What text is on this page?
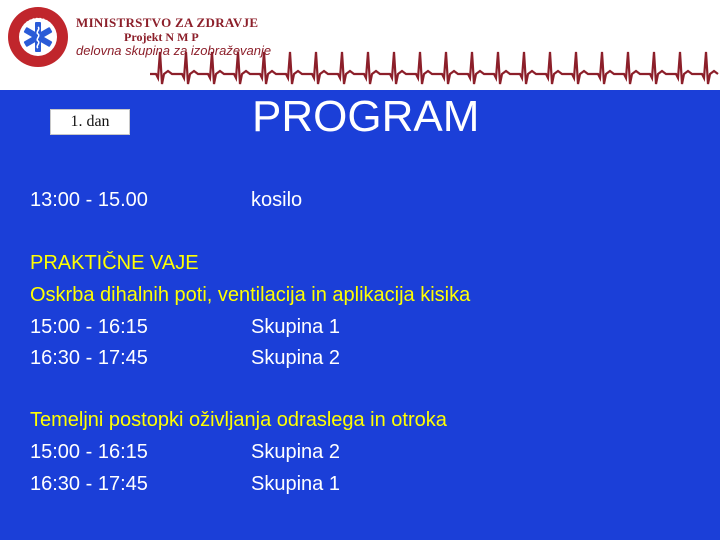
MINISTRSTVO ZA ZDRAVJE

Projekt N M P

delovna skupina za izobraževanje

1. dan	PROGRAM
13:00 - 15.00	kosilo
PRAKTIČNE VAJE
Oskrba dihalnih poti, ventilacija in aplikacija kisika
15:00 - 16:15	Skupina 1
16:30 - 17:45	Skupina 2
Temeljni postopki oživljanja odraslega in otroka
15:00 - 16:15	Skupina 2
16:30 - 17:45	Skupina 1
